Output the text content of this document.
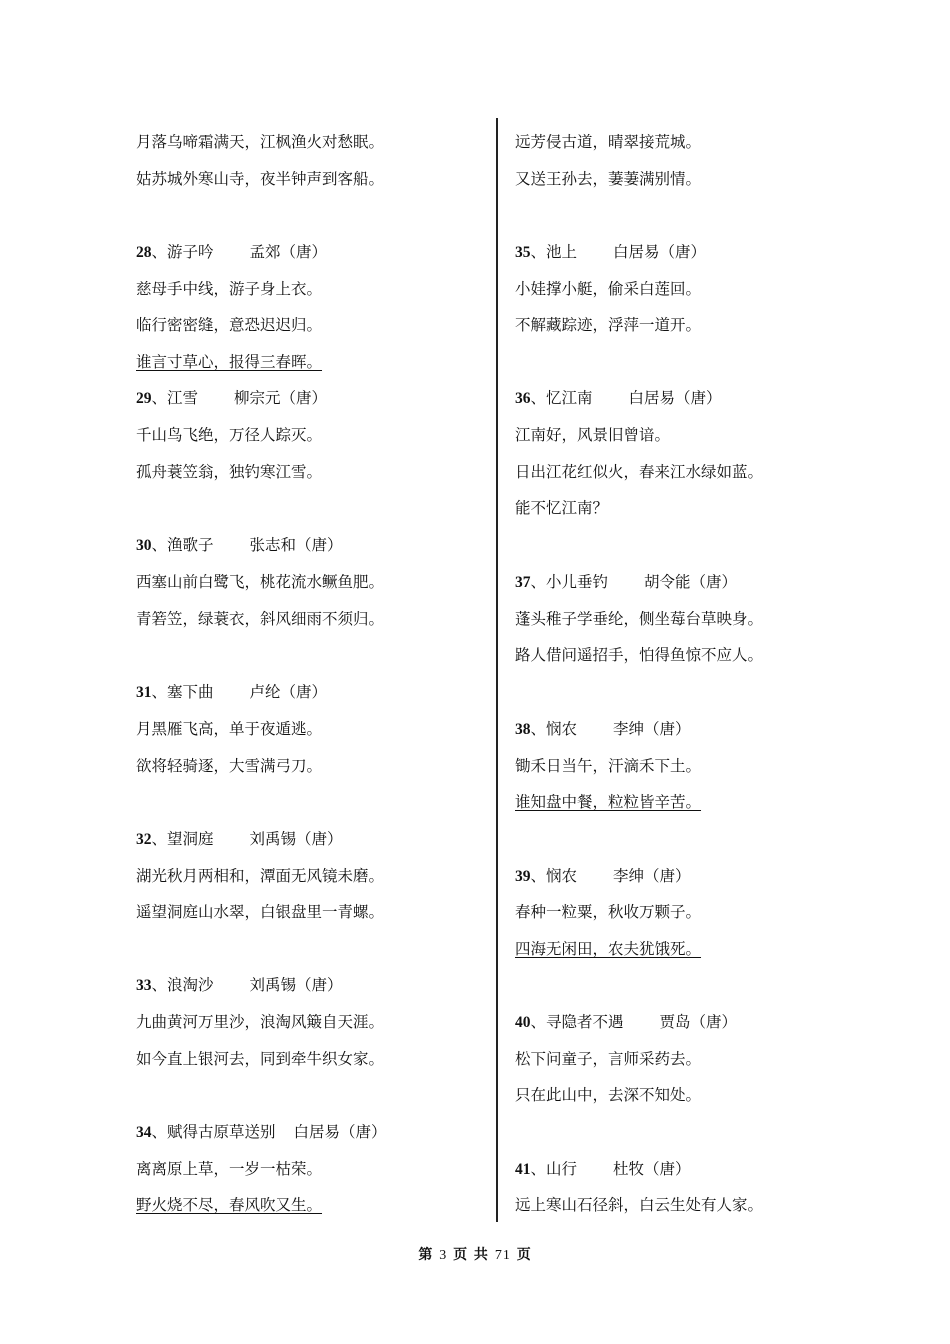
月落乌啼霜满天，江枫渔火对愁眠。
姑苏城外寒山寺，夜半钟声到客船。
28、游子吟 孟郊（唐）
慈母手中线，游子身上衣。
临行密密缝，意恐迟迟归。
谁言寸草心，报得三春晖。
29、江雪 柳宗元（唐）
千山鸟飞绝，万径人踪灭。
孤舟蓑笠翁，独钓寒江雪。
30、渔歌子 张志和（唐）
西塞山前白鹭飞，桃花流水鳜鱼肥。
青箬笠，绿蓑衣，斜风细雨不须归。
31、塞下曲 卢纶（唐）
月黑雁飞高，单于夜遁逃。
欲将轻骑逐，大雪满弓刀。
32、望洞庭 刘禹锡（唐）
湖光秋月两相和，潭面无风镜未磨。
遥望洞庭山水翠，白银盘里一青螺。
33、浪淘沙 刘禹锡（唐）
九曲黄河万里沙，浪淘风簸自天涯。
如今直上银河去，同到牵牛织女家。
34、赋得古原草送别 白居易（唐）
离离原上草，一岁一枯荣。
野火烧不尽，春风吹又生。
远芳侵古道，晴翠接荒城。
又送王孙去，萋萋满别情。
35、池上 白居易（唐）
小娃撑小艇，偷采白莲回。
不解藏踪迹，浮萍一道开。
36、忆江南 白居易（唐）
江南好，风景旧曾谙。
日出江花红似火，春来江水绿如蓝。
能不忆江南？
37、小儿垂钓 胡令能（唐）
蓬头稚子学垂纶，侧坐莓台草映身。
路人借问遥招手，怕得鱼惊不应人。
38、悯农 李绅（唐）
锄禾日当午，汗滴禾下土。
谁知盘中餐，粒粒皆辛苦。
39、悯农 李绅（唐）
春种一粒粟，秋收万颗子。
四海无闲田，农夫犹饿死。
40、寻隐者不遇 贾岛（唐）
松下问童子，言师采药去。
只在此山中，去深不知处。
41、山行 杜牧（唐）
远上寒山石径斜，白云生处有人家。
第 3 页 共 71 页
